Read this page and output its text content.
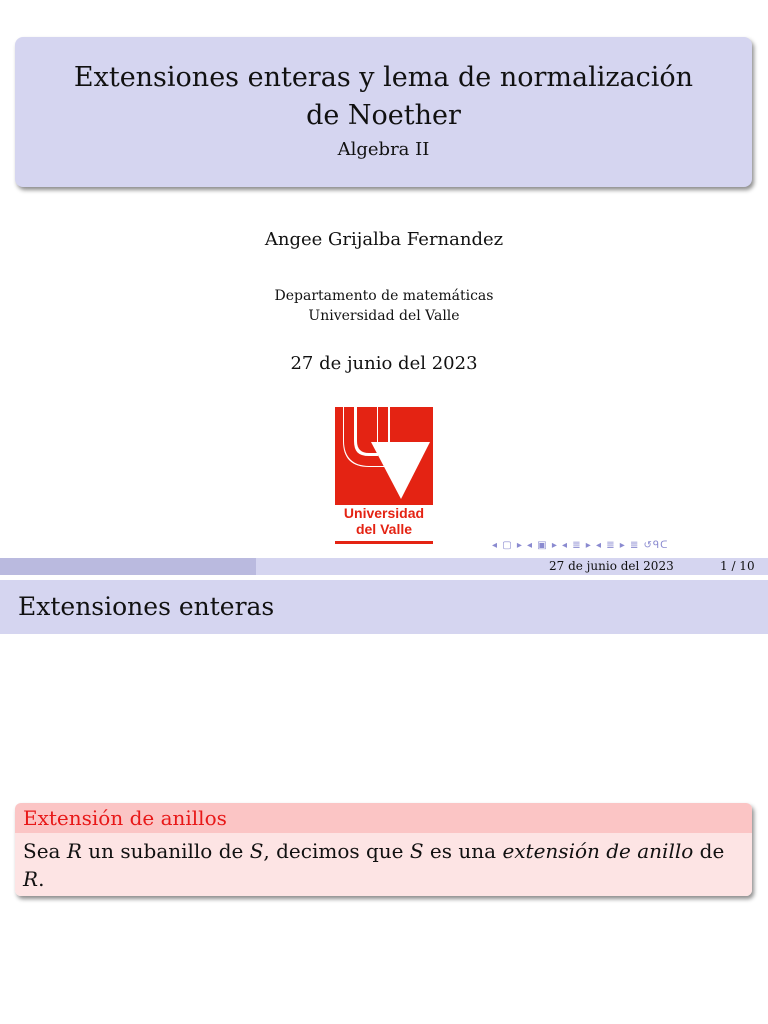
Extensiones enteras y lema de normalización de Noether
Algebra II
Angee Grijalba Fernandez
Departamento de matemáticas
Universidad del Valle
27 de junio del 2023
Universidad
del Valle
◂ ▢ ▸ ◂ ▣ ▸ ◂ ≣ ▸ ◂ ≣ ▸ ≣ ↺ᑫᑕ
27 de junio del 2023	1 / 10
Extensiones enteras
Extensión de anillos
Sea R un subanillo de S, decimos que S es una extensión de anillo de R.
